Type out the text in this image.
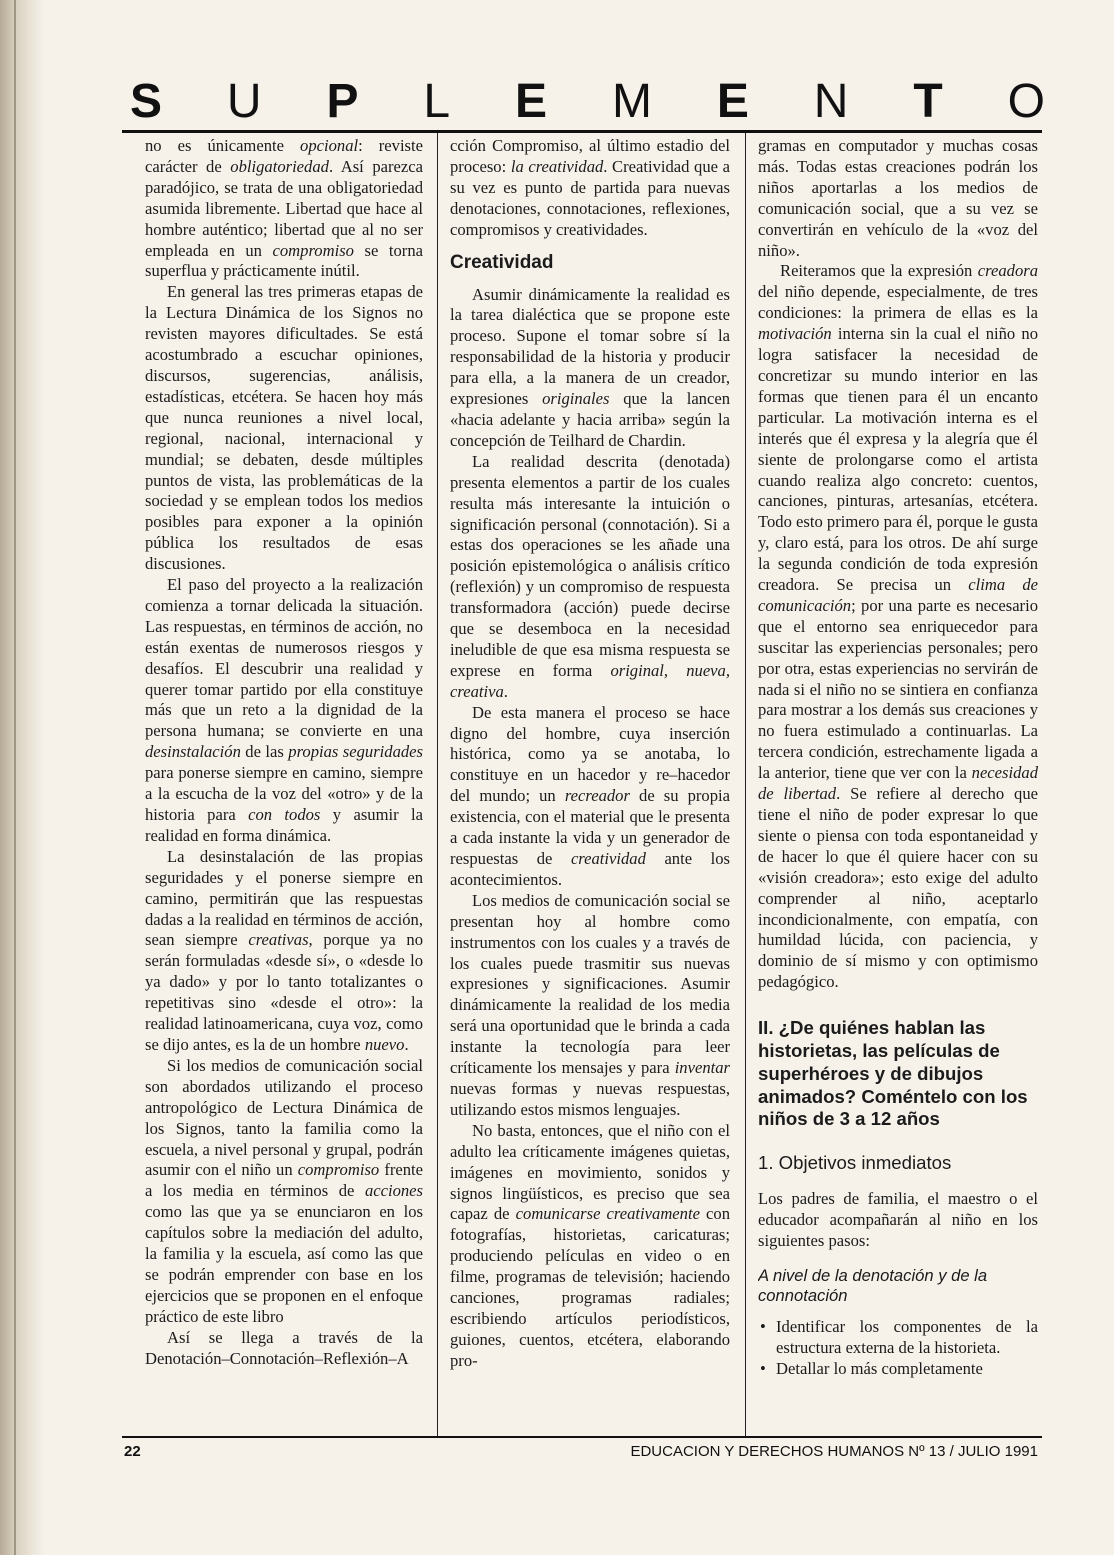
S U P L E M E N T O

no es únicamente opcional: reviste carácter de obligatoriedad. Así parezca paradójico, se trata de una obligatoriedad asumida libremente. Libertad que hace al hombre auténtico; libertad que al no ser empleada en un compromiso se torna superflua y prácticamente inútil.

En general las tres primeras etapas de la Lectura Dinámica de los Signos no revisten mayores dificultades. Se está acostumbrado a escuchar opiniones, discursos, sugerencias, análisis, estadísticas, etcétera. Se hacen hoy más que nunca reuniones a nivel local, regional, nacional, internacional y mundial; se debaten, desde múltiples puntos de vista, las problemáticas de la sociedad y se emplean todos los medios posibles para exponer a la opinión pública los resultados de esas discusiones.

El paso del proyecto a la realización comienza a tornar delicada la situación. Las respuestas, en términos de acción, no están exentas de numerosos riesgos y desafíos. El descubrir una realidad y querer tomar partido por ella constituye más que un reto a la dignidad de la persona humana; se convierte en una desinstalación de las propias seguridades para ponerse siempre en camino, siempre a la escucha de la voz del «otro» y de la historia para con todos y asumir la realidad en forma dinámica.

La desinstalación de las propias seguridades y el ponerse siempre en camino, permitirán que las respuestas dadas a la realidad en términos de acción, sean siempre creativas, porque ya no serán formuladas «desde sí», o «desde lo ya dado» y por lo tanto totalizantes o repetitivas sino «desde el otro»: la realidad latinoamericana, cuya voz, como se dijo antes, es la de un hombre nuevo.

Si los medios de comunicación social son abordados utilizando el proceso antropológico de Lectura Dinámica de los Signos, tanto la familia como la escuela, a nivel personal y grupal, podrán asumir con el niño un compromiso frente a los media en términos de acciones como las que ya se enunciaron en los capítulos sobre la mediación del adulto, la familia y la escuela, así como las que se podrán emprender con base en los ejercicios que se proponen en el enfoque práctico de este libro

Así se llega a través de la Denotación–Connotación–Reflexión–A

cción Compromiso, al último estadio del proceso: la creatividad. Creatividad que a su vez es punto de partida para nuevas denotaciones, connotaciones, reflexiones, compromisos y creatividades.

Creatividad

Asumir dinámicamente la realidad es la tarea dialéctica que se propone este proceso. Supone el tomar sobre sí la responsabilidad de la historia y producir para ella, a la manera de un creador, expresiones originales que la lancen «hacia adelante y hacia arriba» según la concepción de Teilhard de Chardin.

La realidad descrita (denotada) presenta elementos a partir de los cuales resulta más interesante la intuición o significación personal (connotación). Si a estas dos operaciones se les añade una posición epistemológica o análisis crítico (reflexión) y un compromiso de respuesta transformadora (acción) puede decirse que se desemboca en la necesidad ineludible de que esa misma respuesta se exprese en forma original, nueva, creativa.

De esta manera el proceso se hace digno del hombre, cuya inserción histórica, como ya se anotaba, lo constituye en un hacedor y re–hacedor del mundo; un recreador de su propia existencia, con el material que le presenta a cada instante la vida y un generador de respuestas de creatividad ante los acontecimientos.

Los medios de comunicación social se presentan hoy al hombre como instrumentos con los cuales y a través de los cuales puede trasmitir sus nuevas expresiones y significaciones. Asumir dinámicamente la realidad de los media será una oportunidad que le brinda a cada instante la tecnología para leer críticamente los mensajes y para inventar nuevas formas y nuevas respuestas, utilizando estos mismos lenguajes.

No basta, entonces, que el niño con el adulto lea críticamente imágenes quietas, imágenes en movimiento, sonidos y signos lingüísticos, es preciso que sea capaz de comunicarse creativamente con fotografías, historietas, caricaturas; produciendo películas en video o en filme, programas de televisión; haciendo canciones, programas radiales; escribiendo artículos periodísticos, guiones, cuentos, etcétera, elaborando pro-

gramas en computador y muchas cosas más. Todas estas creaciones podrán los niños aportarlas a los medios de comunicación social, que a su vez se convertirán en vehículo de la «voz del niño».

Reiteramos que la expresión creadora del niño depende, especialmente, de tres condiciones: la primera de ellas es la motivación interna sin la cual el niño no logra satisfacer la necesidad de concretizar su mundo interior en las formas que tienen para él un encanto particular. La motivación interna es el interés que él expresa y la alegría que él siente de prolongarse como el artista cuando realiza algo concreto: cuentos, canciones, pinturas, artesanías, etcétera. Todo esto primero para él, porque le gusta y, claro está, para los otros. De ahí surge la segunda condición de toda expresión creadora. Se precisa un clima de comunicación; por una parte es necesario que el entorno sea enriquecedor para suscitar las experiencias personales; pero por otra, estas experiencias no servirán de nada si el niño no se sintiera en confianza para mostrar a los demás sus creaciones y no fuera estimulado a continuarlas. La tercera condición, estrechamente ligada a la anterior, tiene que ver con la necesidad de libertad. Se refiere al derecho que tiene el niño de poder expresar lo que siente o piensa con toda espontaneidad y de hacer lo que él quiere hacer con su «visión creadora»; esto exige del adulto comprender al niño, aceptarlo incondicionalmente, con empatía, con humildad lúcida, con paciencia, y dominio de sí mismo y con optimismo pedagógico.

II. ¿De quiénes hablan las historietas, las películas de superhéroes y de dibujos animados? Coméntelo con los niños de 3 a 12 años
1. Objetivos inmediatos

Los padres de familia, el maestro o el educador acompañarán al niño en los siguientes pasos:

A nivel de la denotación y de la connotación
• Identificar los componentes de la estructura externa de la historieta.
• Detallar lo más completamente
22	EDUCACION Y DERECHOS HUMANOS Nº 13 / JULIO 1991
